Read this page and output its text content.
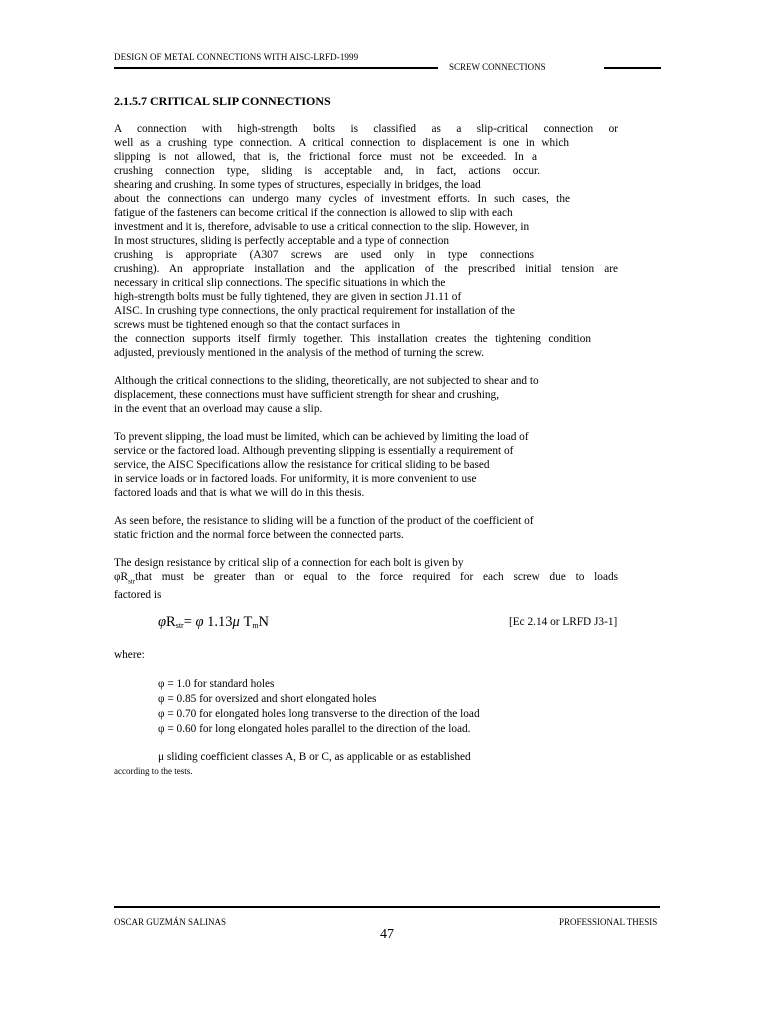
DESIGN OF METAL CONNECTIONS WITH AISC-LRFD-1999
SCREW CONNECTIONS
2.1.5.7 CRITICAL SLIP CONNECTIONS
A connection with high-strength bolts is classified as a slip-critical connection or
well as a crushing type connection. A critical connection to displacement is one in which
slipping is not allowed, that is, the frictional force must not be exceeded. In a
crushing connection type, sliding is acceptable and, in fact, actions occur.
shearing and crushing. In some types of structures, especially in bridges, the load
about the connections can undergo many cycles of investment efforts. In such cases, the
fatigue of the fasteners can become critical if the connection is allowed to slip with each
investment and it is, therefore, advisable to use a critical connection to the slip. However, in
In most structures, sliding is perfectly acceptable and a type of connection
crushing is appropriate (A307 screws are used only in type connections
crushing). An appropriate installation and the application of the prescribed initial tension are
necessary in critical slip connections. The specific situations in which the
high-strength bolts must be fully tightened, they are given in section J1.11 of
AISC. In crushing type connections, the only practical requirement for installation of the
screws must be tightened enough so that the contact surfaces in
the connection supports itself firmly together. This installation creates the tightening condition
adjusted, previously mentioned in the analysis of the method of turning the screw.
Although the critical connections to the sliding, theoretically, are not subjected to shear and to
displacement, these connections must have sufficient strength for shear and crushing,
in the event that an overload may cause a slip.
To prevent slipping, the load must be limited, which can be achieved by limiting the load of
service or the factored load. Although preventing slipping is essentially a requirement of
service, the AISC Specifications allow the resistance for critical sliding to be based
in service loads or in factored loads. For uniformity, it is more convenient to use
factored loads and that is what we will do in this thesis.
As seen before, the resistance to sliding will be a function of the product of the coefficient of
static friction and the normal force between the connected parts.
The design resistance by critical slip of a connection for each bolt is given by
$\varphi R_{str}that$ must be greater than or equal to the force required for each screw due to loads
factored is
$\varphi R_{str}= \varphi$ 1.13μ $T_mN$	[Ec 2.14 or LRFD J3-1]
where:
φ = 1.0 for standard holes
φ = 0.85 for oversized and short elongated holes
φ = 0.70 for elongated holes long transverse to the direction of the load
φ = 0.60 for long elongated holes parallel to the direction of the load.
μ sliding coefficient classes A, B or C, as applicable or as established
according to the tests.
OSCAR GUZMÁN SALINAS	PROFESSIONAL THESIS
47
